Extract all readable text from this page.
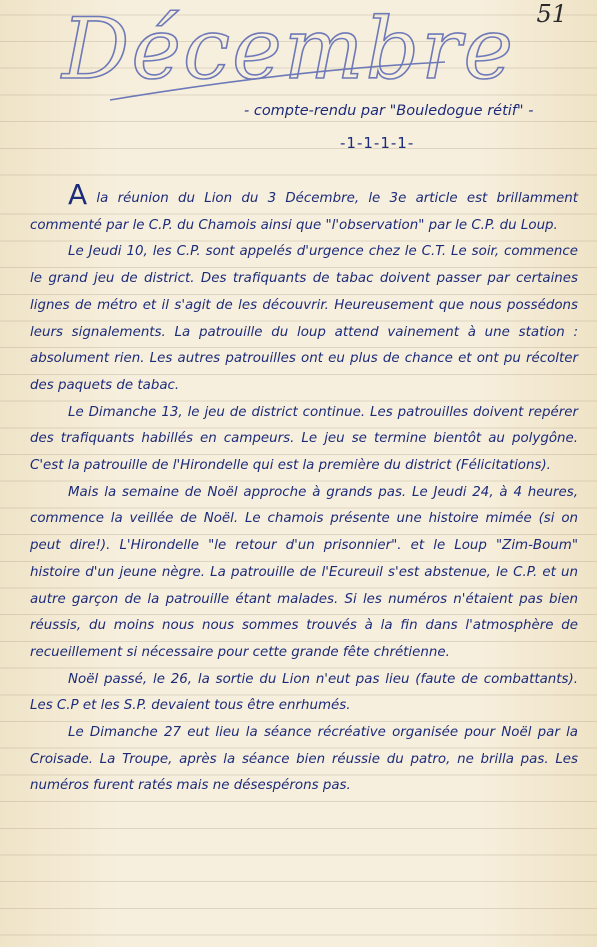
51
Décembre
- compte-rendu par "Bouledogue rétif" -
-1-1-1-1-

A la réunion du Lion du 3 Décembre, le 3e article est brillamment commenté par le C.P. du Chamois ainsi que "l'observation" par le C.P. du Loup.

Le Jeudi 10, les C.P. sont appelés d'urgence chez le C.T. Le soir, commence le grand jeu de district. Des trafiquants de tabac doivent passer par certaines lignes de métro et il s'agit de les découvrir. Heureusement que nous possédons leurs signalements. La patrouille du loup attend vainement à une station : absolument rien. Les autres patrouilles ont eu plus de chance et ont pu récolter des paquets de tabac.

Le Dimanche 13, le jeu de district continue. Les patrouilles doivent repérer des trafiquants habillés en campeurs. Le jeu se termine bientôt au polygône. C'est la patrouille de l'Hirondelle qui est la première du district (Félicitations).

Mais la semaine de Noël approche à grands pas. Le Jeudi 24, à 4 heures, commence la veillée de Noël. Le chamois présente une histoire mimée (si on peut dire!). L'Hirondelle "le retour d'un prisonnier". et le Loup "Zim-Boum" histoire d'un jeune nègre. La patrouille de l'Ecureuil s'est abstenue, le C.P. et un autre garçon de la patrouille étant malades. Si les numéros n'étaient pas bien réussis, du moins nous nous sommes trouvés à la fin dans l'atmosphère de recueillement si nécessaire pour cette grande fête chrétienne.

Noël passé, le 26, la sortie du Lion n'eut pas lieu (faute de combattants). Les C.P et les S.P. devaient tous être enrhumés.

Le Dimanche 27 eut lieu la séance récréative organisée pour Noël par la Croisade. La Troupe, après la séance bien réussie du patro, ne brilla pas. Les numéros furent ratés mais ne désespérons pas.
